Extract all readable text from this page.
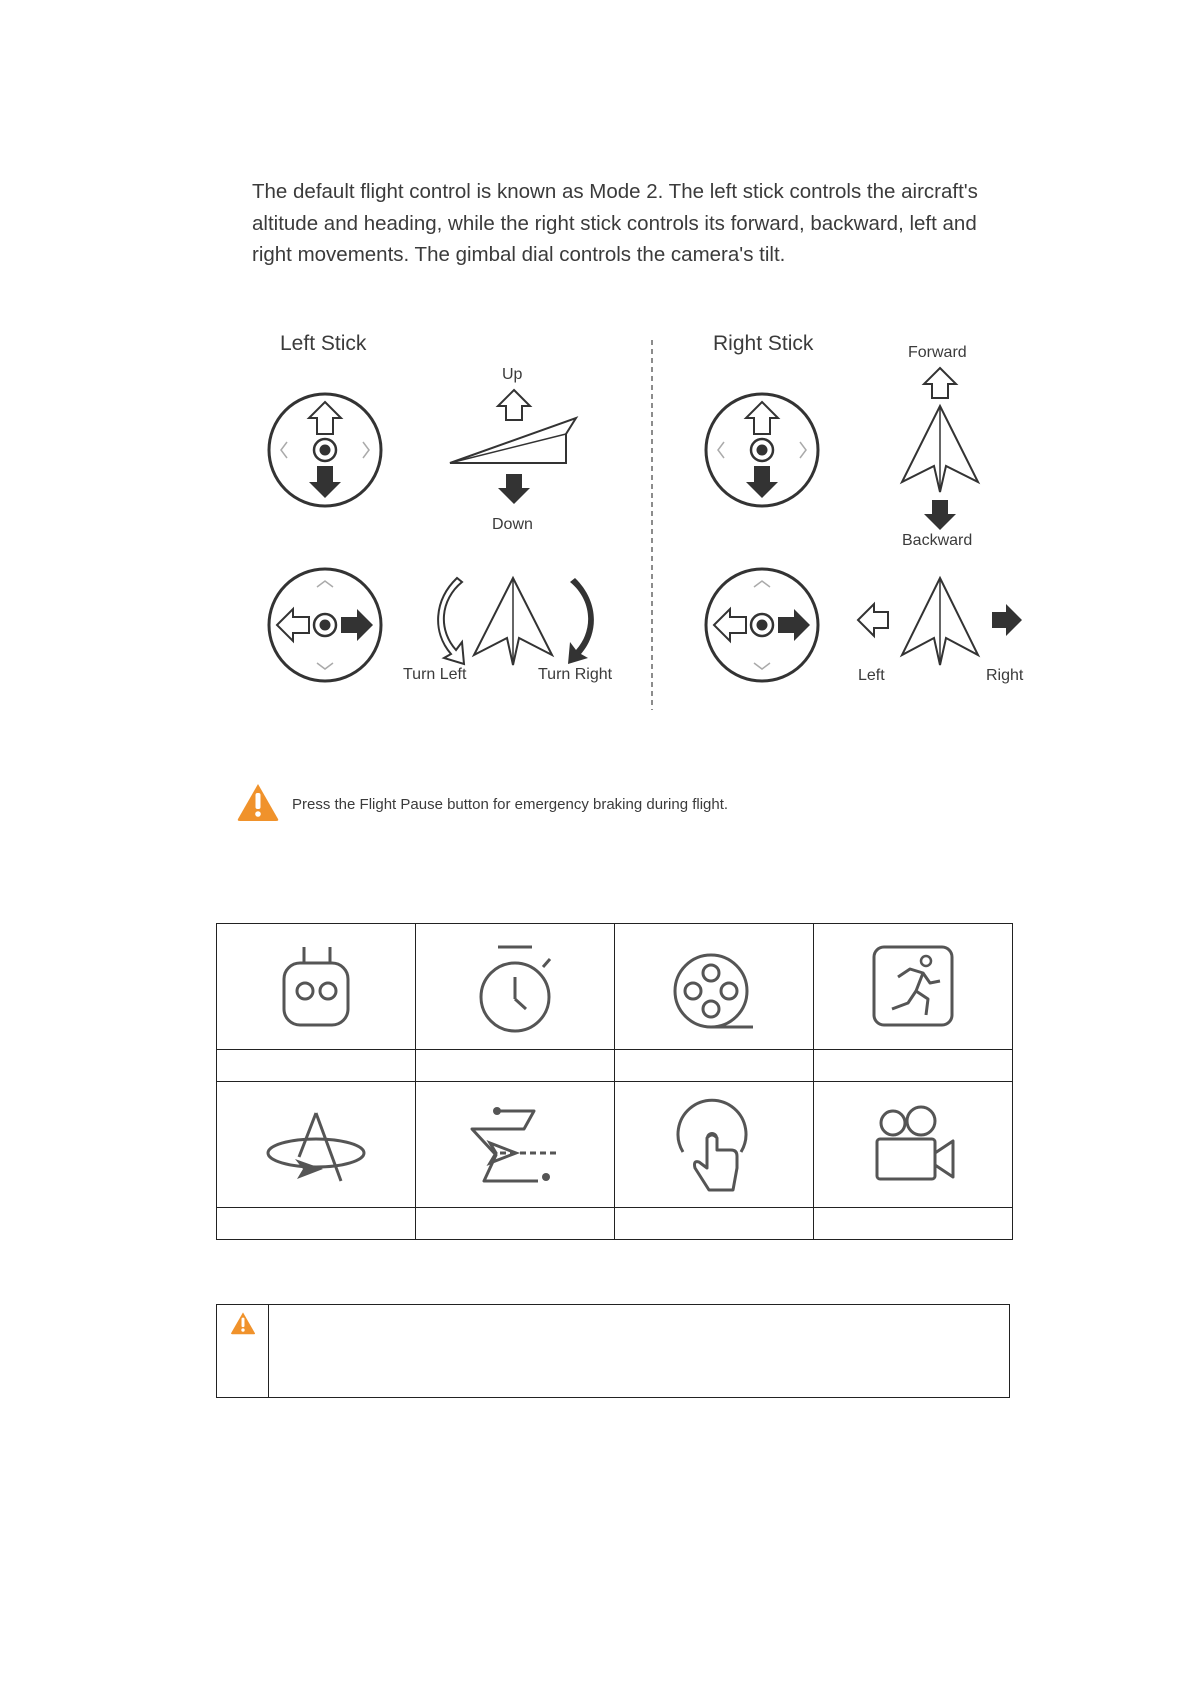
The default flight control is known as Mode 2. The left stick controls the aircraft's altitude and heading, while the right stick controls its forward, backward, left and right movements. The gimbal dial controls the camera's tilt.

Left Stick	Right Stick
Up
Down
Turn Left	Turn Right
Forward
Backward
Left	Right
Press the Flight Pause button for emergency braking during flight.
